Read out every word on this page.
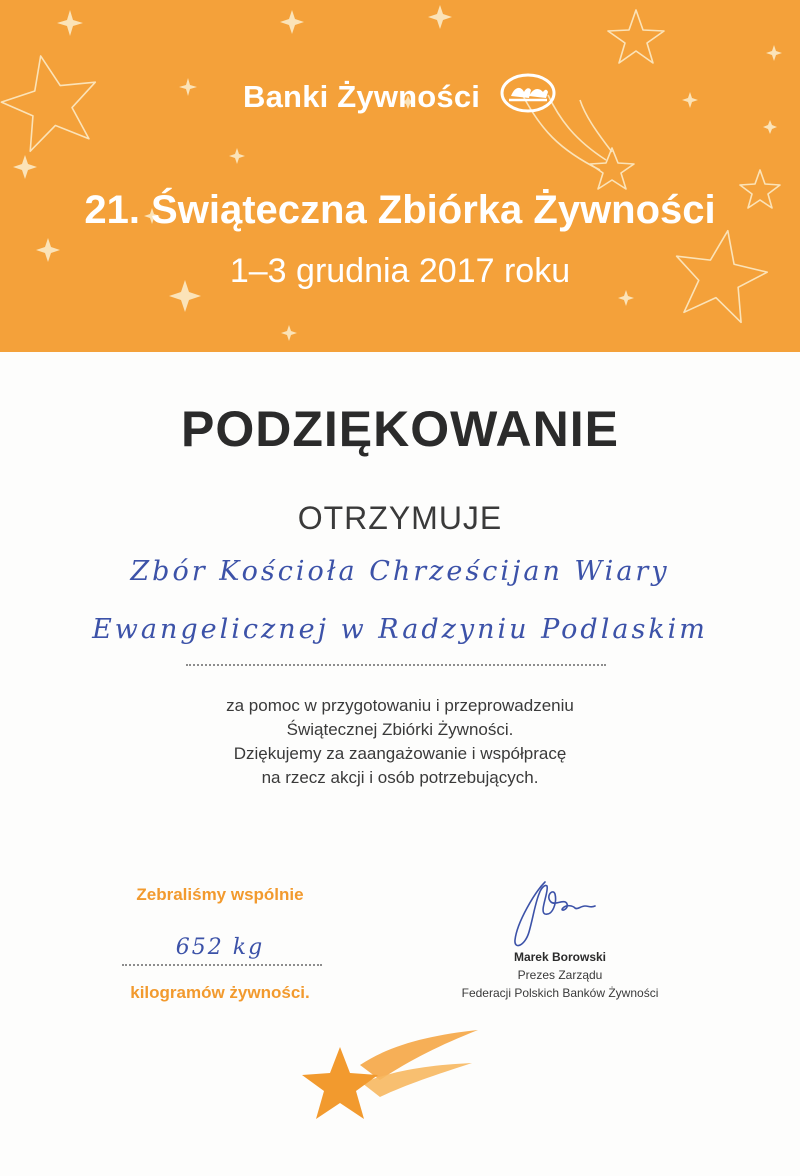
Banki Żywności
21. Świąteczna Zbiórka Żywności
1–3 grudnia 2017 roku
PODZIĘKOWANIE
OTRZYMUJE
Zbór Kościoła Chrześcijan Wiary
Ewangelicznej w Radzyniu Podlaskim
za pomoc w przygotowaniu i przeprowadzeniu
Świątecznej Zbiórki Żywności.
Dziękujemy za zaangażowanie i współpracę
na rzecz akcji i osób potrzebujących.
Zebraliśmy wspólnie
652 kg
kilogramów żywności.
Marek Borowski
Prezes Zarządu
Federacji Polskich Banków Żywności
